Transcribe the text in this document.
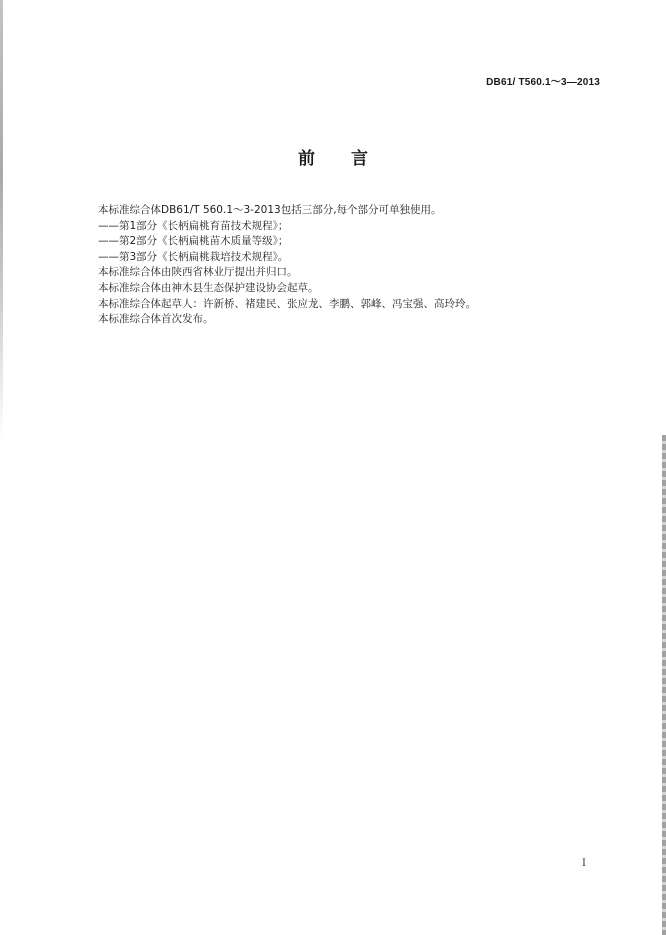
DB61/ T560.1～3—2013
前言
本标准综合体DB61/T 560.1～3-2013包括三部分,每个部分可单独使用。
——第1部分《长柄扁桃育苗技术规程》；
——第2部分《长柄扁桃苗木质量等级》；
——第3部分《长柄扁桃栽培技术规程》。
本标准综合体由陕西省林业厅提出并归口。
本标准综合体由神木县生态保护建设协会起草。
本标准综合体起草人：许新桥、褚建民、张应龙、李鹏、郭峰、冯宝强、高玲玲。
本标准综合体首次发布。
I
